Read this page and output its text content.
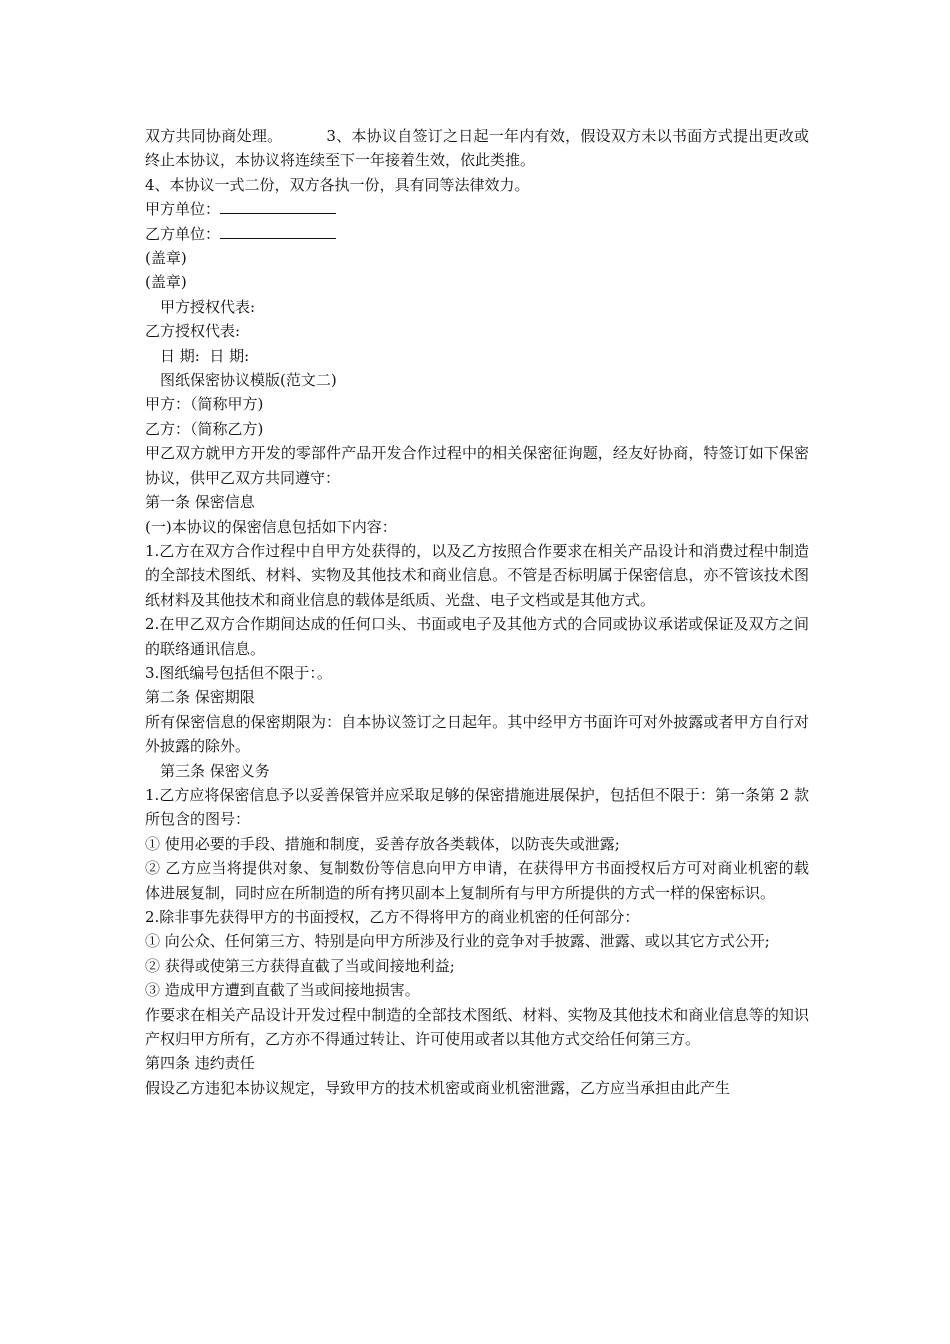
双方共同协商处理。	3、本协议自签订之日起一年内有效，假设双方未以书面方式提出更改或终止本协议，本协议将连续至下一年接着生效，依此类推。

4、本协议一式二份，双方各执一份，具有同等法律效力。

甲方单位：

乙方单位：

(盖章)

(盖章)

甲方授权代表:

乙方授权代表:

日 期:  日 期:

图纸保密协议模版(范文二)

甲方：（简称甲方)

乙方：（简称乙方)

甲乙双方就甲方开发的零部件产品开发合作过程中的相关保密征询题，经友好协商，特签订如下保密协议，供甲乙双方共同遵守：

第一条 保密信息

(一)本协议的保密信息包括如下内容：

1.乙方在双方合作过程中自甲方处获得的，以及乙方按照合作要求在相关产品设计和消费过程中制造的全部技术图纸、材料、实物及其他技术和商业信息。不管是否标明属于保密信息，亦不管该技术图纸材料及其他技术和商业信息的载体是纸质、光盘、电子文档或是其他方式。

2.在甲乙双方合作期间达成的任何口头、书面或电子及其他方式的合同或协议承诺或保证及双方之间的联络通讯信息。

3.图纸编号包括但不限于：。

第二条 保密期限

所有保密信息的保密期限为：自本协议签订之日起年。其中经甲方书面许可对外披露或者甲方自行对外披露的除外。

第三条 保密义务

1.乙方应将保密信息予以妥善保管并应采取足够的保密措施进展保护，包括但不限于：第一条第 2 款所包含的图号：

① 使用必要的手段、措施和制度，妥善存放各类载体，以防丧失或泄露;

② 乙方应当将提供对象、复制数份等信息向甲方申请，在获得甲方书面授权后方可对商业机密的载体进展复制，同时应在所制造的所有拷贝副本上复制所有与甲方所提供的方式一样的保密标识。

2.除非事先获得甲方的书面授权，乙方不得将甲方的商业机密的任何部分：

① 向公众、任何第三方、特别是向甲方所涉及行业的竞争对手披露、泄露、或以其它方式公开;

② 获得或使第三方获得直截了当或间接地利益;

③ 造成甲方遭到直截了当或间接地损害。

作要求在相关产品设计开发过程中制造的全部技术图纸、材料、实物及其他技术和商业信息等的知识产权归甲方所有，乙方亦不得通过转让、许可使用或者以其他方式交给任何第三方。

第四条 违约责任

假设乙方违犯本协议规定，导致甲方的技术机密或商业机密泄露，乙方应当承担由此产生
